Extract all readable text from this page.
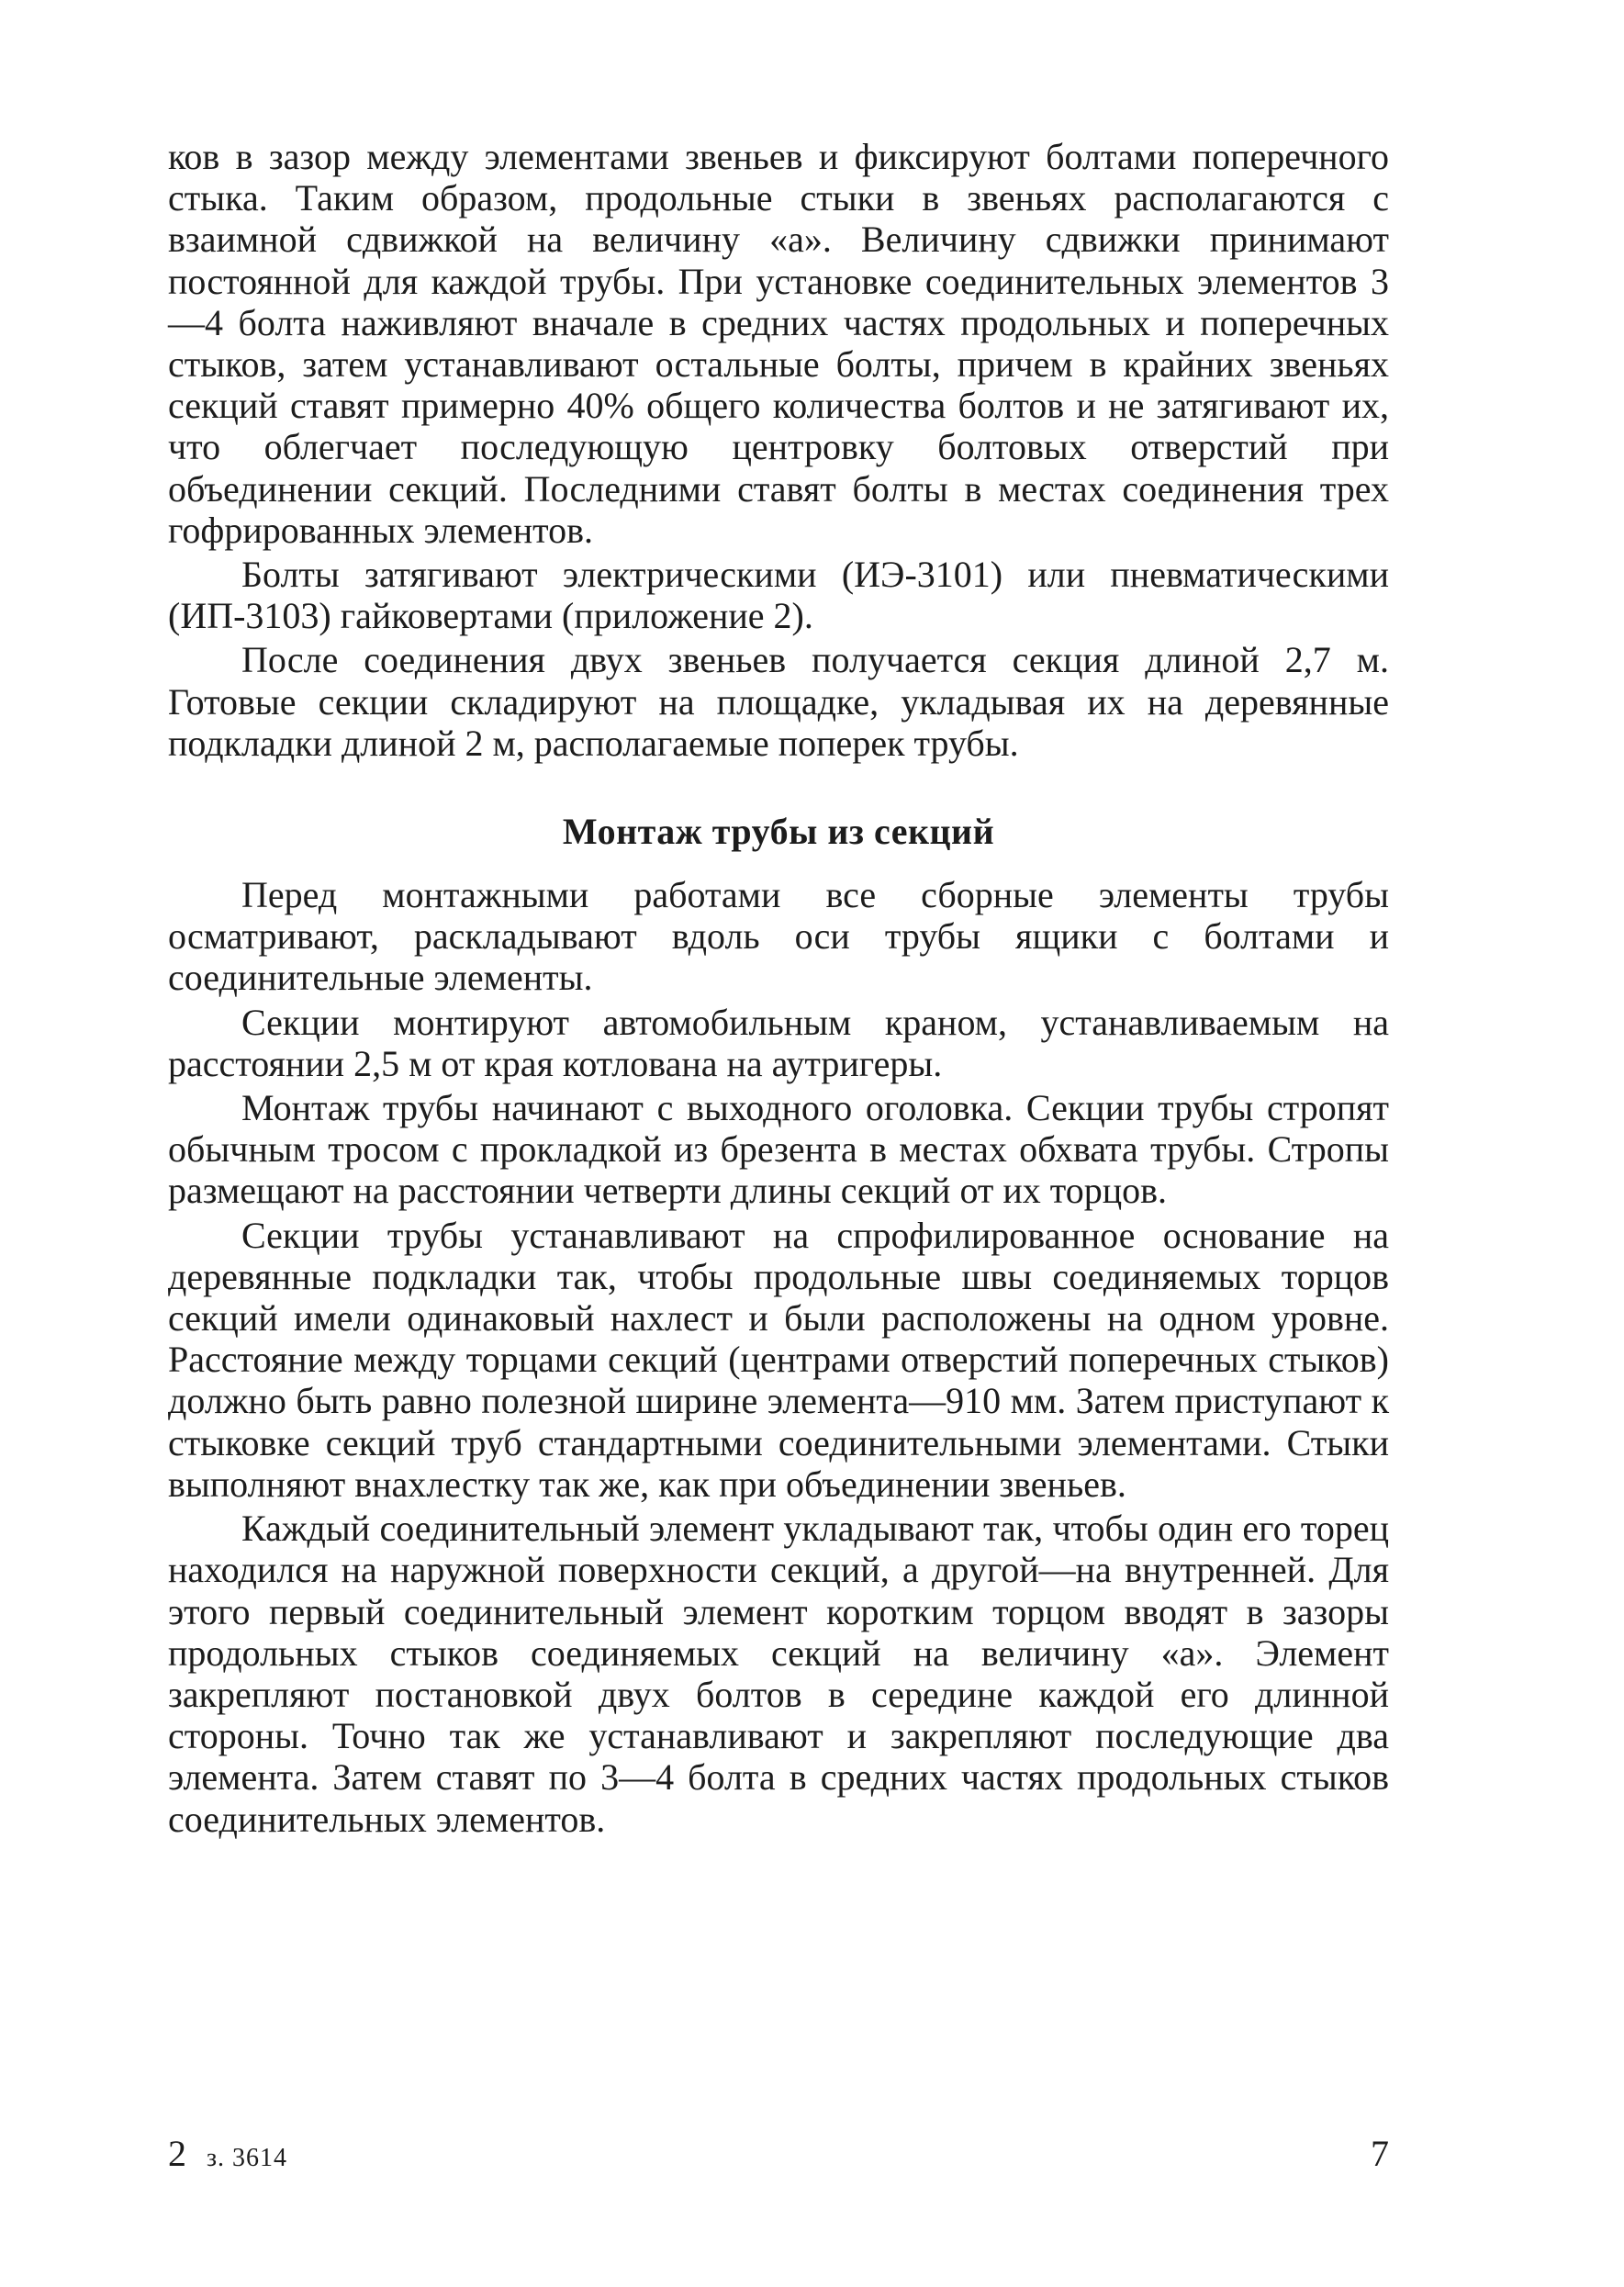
ков в зазор между элементами звеньев и фиксируют болтами поперечного стыка. Таким образом, продольные стыки в звеньях располагаются с взаимной сдвижкой на величину «а». Величину сдвижки принимают постоянной для каждой трубы. При установке соединительных элементов 3—4 болта наживляют вначале в средних частях продольных и поперечных стыков, затем устанавливают остальные болты, причем в крайних звеньях секций ставят примерно 40% общего количества болтов и не затягивают их, что облегчает последующую центровку болтовых отверстий при объединении секций. Последними ставят болты в местах соединения трех гофрированных элементов.

Болты затягивают электрическими (ИЭ-3101) или пневматическими (ИП-3103) гайковертами (приложение 2).

После соединения двух звеньев получается секция длиной 2,7 м. Готовые секции складируют на площадке, укладывая их на деревянные подкладки длиной 2 м, располагаемые поперек трубы.

Монтаж трубы из секций

Перед монтажными работами все сборные элементы трубы осматривают, раскладывают вдоль оси трубы ящики с болтами и соединительные элементы.

Секции монтируют автомобильным краном, устанавливаемым на расстоянии 2,5 м от края котлована на аутригеры.

Монтаж трубы начинают с выходного оголовка. Секции трубы стропят обычным тросом с прокладкой из брезента в местах обхвата трубы. Стропы размещают на расстоянии четверти длины секций от их торцов.

Секции трубы устанавливают на спрофилированное основание на деревянные подкладки так, чтобы продольные швы соединяемых торцов секций имели одинаковый нахлест и были расположены на одном уровне. Расстояние между торцами секций (центрами отверстий поперечных стыков) должно быть равно полезной ширине элемента—910 мм. Затем приступают к стыковке секций труб стандартными соединительными элементами. Стыки выполняют внахлестку так же, как при объединении звеньев.

Каждый соединительный элемент укладывают так, чтобы один его торец находился на наружной поверхности секций, а другой—на внутренней. Для этого первый соединительный элемент коротким торцом вводят в зазоры продольных стыков соединяемых секций на величину «а». Элемент закрепляют постановкой двух болтов в середине каждой его длинной стороны. Точно так же устанавливают и закрепляют последующие два элемента. Затем ставят по 3—4 болта в средних частях продольных стыков соединительных элементов.

2 з. 3614	7
